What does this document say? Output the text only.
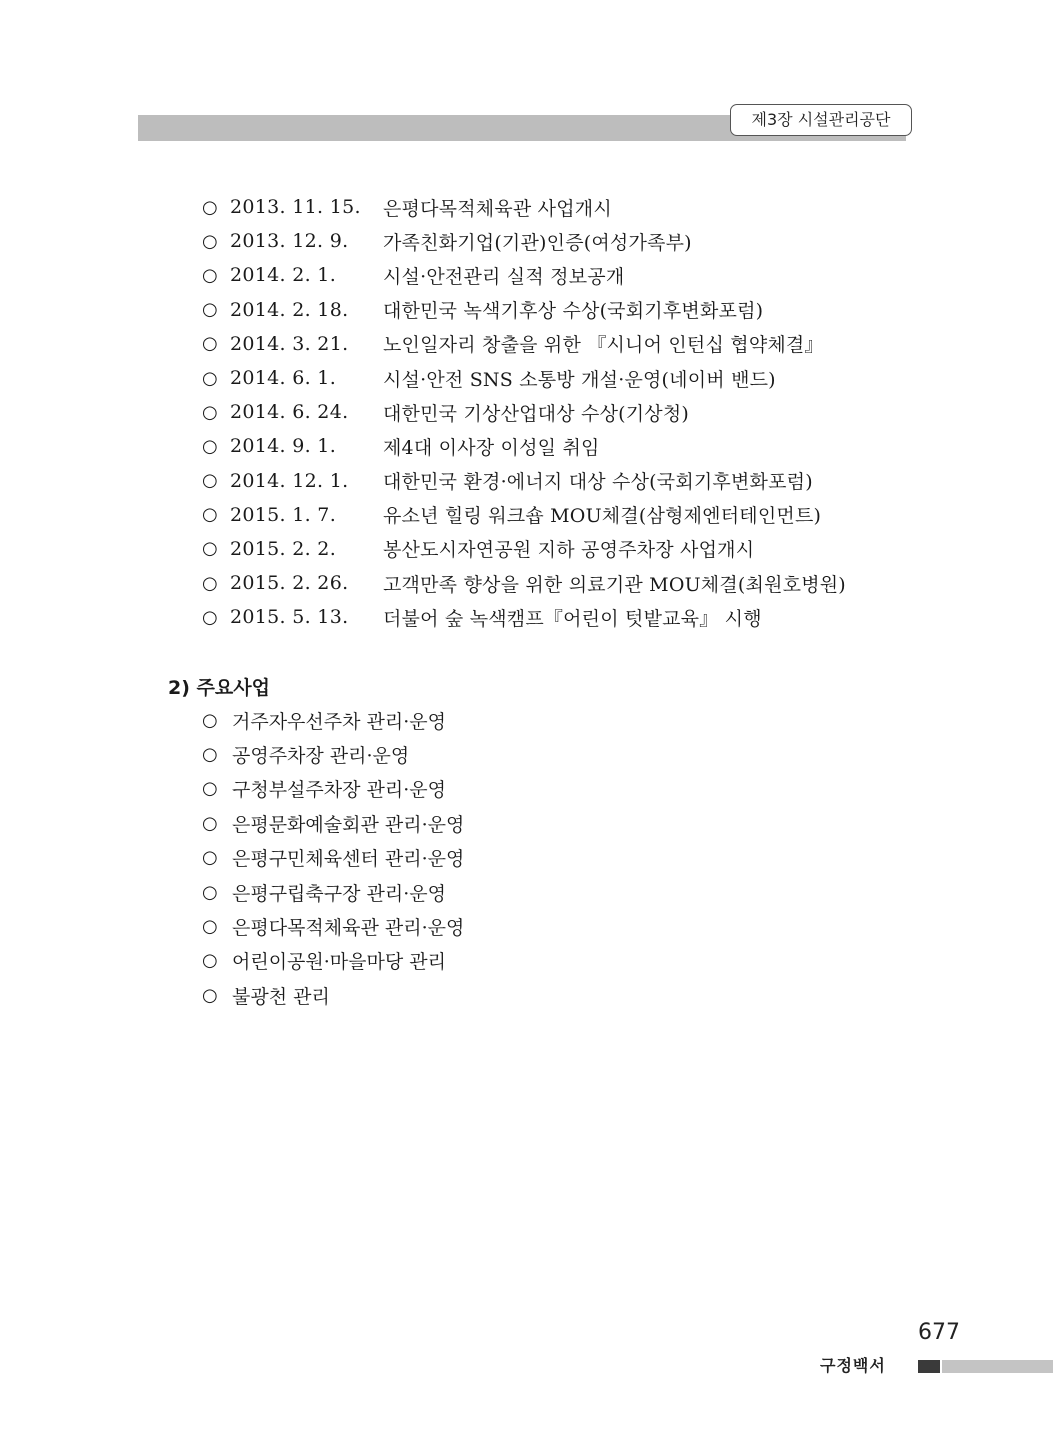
제3장 시설관리공단
○ 2013. 11. 15.	은평다목적체육관 사업개시
○ 2013. 12. 9.	가족친화기업(기관)인증(여성가족부)
○ 2014. 2. 1.	시설·안전관리 실적 정보공개
○ 2014. 2. 18.	대한민국 녹색기후상 수상(국회기후변화포럼)
○ 2014. 3. 21.	노인일자리 창출을 위한 『시니어 인턴십 협약체결』
○ 2014. 6. 1.	시설·안전 SNS 소통방 개설·운영(네이버 밴드)
○ 2014. 6. 24.	대한민국 기상산업대상 수상(기상청)
○ 2014. 9. 1.	제4대 이사장 이성일 취임
○ 2014. 12. 1.	대한민국 환경·에너지 대상 수상(국회기후변화포럼)
○ 2015. 1. 7.	유소년 힐링 워크숍 MOU체결(삼형제엔터테인먼트)
○ 2015. 2. 2.	봉산도시자연공원 지하 공영주차장 사업개시
○ 2015. 2. 26.	고객만족 향상을 위한 의료기관 MOU체결(최원호병원)
○ 2015. 5. 13.	더불어 숲 녹색캠프『어린이 텃밭교육』 시행
2) 주요사업
○ 거주자우선주차 관리·운영
○ 공영주차장 관리·운영
○ 구청부설주차장 관리·운영
○ 은평문화예술회관 관리·운영
○ 은평구민체육센터 관리·운영
○ 은평구립축구장 관리·운영
○ 은평다목적체육관 관리·운영
○ 어린이공원·마을마당 관리
○ 불광천 관리
677
구정백서
